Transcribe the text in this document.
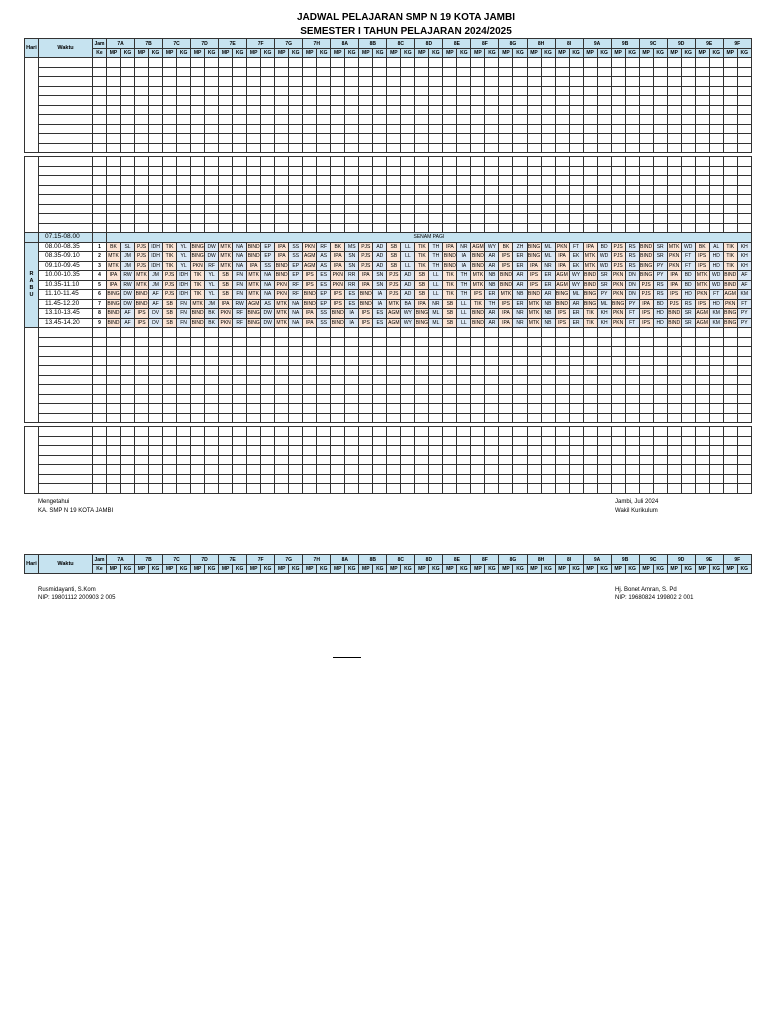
JADWAL PELAJARAN SMP N 19 KOTA JAMBI
SEMESTER I TAHUN PELAJARAN 2024/2025
Hari	Waktu	Jam	7A		7B		7C		7D		7E		7F		7G		7H		8A		8B		8C		8D		8E		8F		8G		8H		8I		9A		9B		9C		9D		9E		9F		
		Ke	MP	KG	MP	KG	MP	KG	MP	KG	MP	KG	MP	KG	MP	KG	MP	KG	MP	KG	MP	KG	MP	KG	MP	KG	MP	KG	MP	KG	MP	KG	MP	KG	MP	KG	MP	KG	MP	KG	MP	KG	MP	KG	MP	KG	MP	KG	

	07.15-08.00		SENAM PAGI																																														
R
A
B
U	08.00-08.35	1	BK	SL	PJS	IDH	TIK	YL	BING	DW	MTK	NA	BIND	EP	IPA	SS	PKN	RF	BK	MS	PJS	AD	SB	LL	TIK	TH	IPA	NR	AGM	WY	BK	ZH	BING	ML	PKN	FT	IPA	BD	PJS	RS	BIND	SR	MTK	WD	BK	AL	TIK	KH	
	08.35-09.10	2	MTK	JM	PJS	IDH	TIK	YL	BING	DW	MTK	NA	BIND	EP	IPA	SS	AGM	AS	IPA	SN	PJS	AD	SB	LL	TIK	TH	BIND	IA	BIND	AR	IPS	ER	BING	ML	IPA	EK	MTK	WD	PJS	RS	BIND	SR	PKN	FT	IPS	HD	TIK	KH	
	09.10-09.45	3	MTK	JM	PJS	IDH	TIK	YL	PKN	RF	MTK	NA	IPA	SS	BIND	EP	AGM	AS	IPA	SN	PJS	AD	SB	LL	TIK	TH	BIND	IA	BIND	AR	IPS	ER	IPA	NR	IPA	EK	MTK	WD	PJS	RS	BING	PY	PKN	FT	IPS	HD	TIK	KH	
	10.00-10.35	4	IPA	RW	MTK	JM	PJS	IDH	TIK	YL	SB	FN	MTK	NA	BIND	EP	IPS	ES	PKN	RR	IPA	SN	PJS	AD	SB	LL	TIK	TH	MTK	NB	BIND	AR	IPS	ER	AGM	WY	BIND	SR	PKN	DN	BING	PY	IPA	BD	MTK	WD	BIND	AF	
	10.35-11.10	5	IPA	RW	MTK	JM	PJS	IDH	TIK	YL	SB	FN	MTK	NA	PKN	RF	IPS	ES	PKN	RR	IPA	SN	PJS	AD	SB	LL	TIK	TH	MTK	NB	BIND	AR	IPS	ER	AGM	WY	BIND	SR	PKN	DN	PJS	RS	IPA	BD	MTK	WD	BIND	AF	
	11.10-11.45	6	BING	DW	BIND	AF	PJS	IDH	TIK	YL	SB	FN	MTK	NA	PKN	RF	BIND	EP	IPS	ES	BIND	IA	PJS	AD	SB	LL	TIK	TH	IPS	ER	MTK	NB	BIND	AR	BING	ML	BING	PY	PKN	DN	PJS	RS	IPS	HD	PKN	FT	AGM	KM	
	11.45-12.20	7	BING	DW	BIND	AF	SB	FN	MTK	JM	IPA	RW	AGM	AS	MTK	NA	BIND	EP	IPS	ES	BIND	IA	MTK	BA	IPA	NR	SB	LL	TIK	TH	IPS	ER	MTK	NB	BIND	AR	BING	ML	BING	PY	IPA	BD	PJS	RS	IPS	HD	PKN	FT		
	13.10-13.45	8	BIND	AF	IPS	DV	SB	FN	BIND	BK	PKN	RF	BING	DW	MTK	NA	IPA	SS	BIND	IA	IPS	ES	AGM	WY	BING	ML	SB	LL	BIND	AR	IPA	NR	MTK	NB	IPS	ER	TIK	KH	PKN	FT	IPS	HD	BIND	SR	AGM	KM	BING	PY	
	13.45-14.20	9	BIND	AF	IPS	DV	SB	FN	BIND	BK	PKN	RF	BING	DW	MTK	NA	IPA	SS	BIND	IA	IPS	ES	AGM	WY	BING	ML	SB	LL	BIND	AR	IPA	NR	MTK	NB	IPS	ER	TIK	KH	PKN	FT	IPS	HD	BIND	SR	AGM	KM	BING	PY	

Mengetahui
KA. SMP N 19 KOTA JAMBI
Jambi, Juli 2024
Wakil Kurikulum
Hari	Waktu	Jam	7A		7B		7C		7D		7E		7F		7G		7H		8A		8B		8C		8D		8E		8F		8G		8H		8I		9A		9B		9C		9D		9E		9F	
		Ke	MP	KG	MP	KG	MP	KG	MP	KG	MP	KG	MP	KG	MP	KG	MP	KG	MP	KG	MP	KG	MP	KG	MP	KG	MP	KG	MP	KG	MP	KG	MP	KG	MP	KG	MP	KG	MP	KG	MP	KG	MP	KG	MP	KG	MP	KG
Rusmidayanti, S.Kom
NIP: 19801112 200903 2 005
Hj. Bonet Amran, S. Pd
NIP: 19680824 199802 2 001
